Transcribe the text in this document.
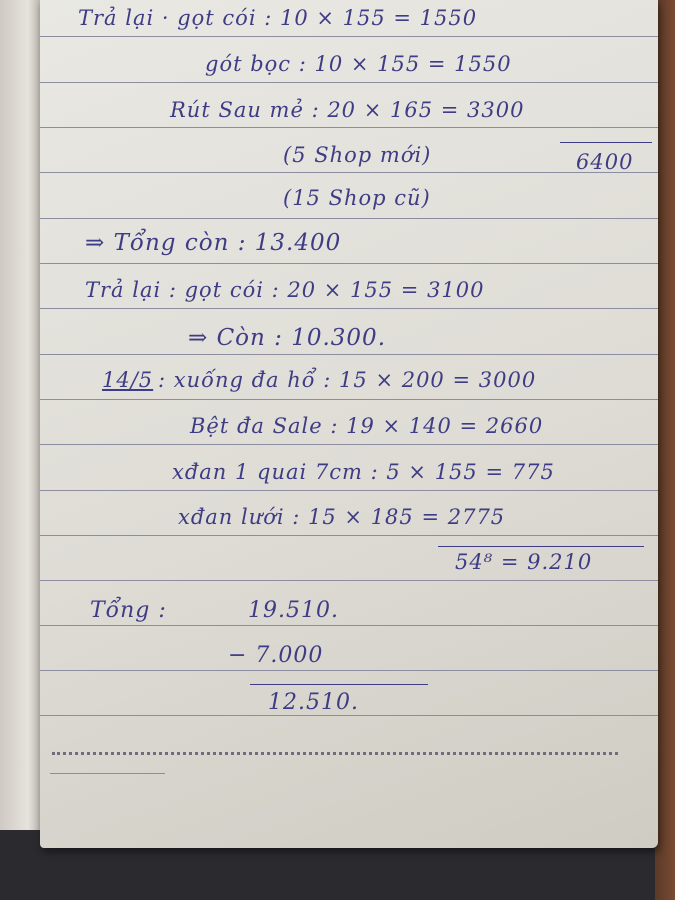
Trả lại · gọt cói : 10 × 155 = 1550
gót bọc : 10 × 155 = 1550
Rút Sau mẻ : 20 × 165 = 3300
(5 Shop mới)	6400
(15 Shop cũ)
⇒ Tổng còn : 13.400
Trả lại : gọt cói : 20 × 155 = 3100
⇒ Còn : 10.300.
14/5 : xuống đa hổ : 15 × 200 = 3000
Bệt đa Sale : 19 × 140 = 2660
xđan 1 quai 7cm : 5 × 155 = 775
xđan lưới : 15 × 185 = 2775
54⁸ = 9.210
Tổng :	19.510.
− 7.000
12.510.
